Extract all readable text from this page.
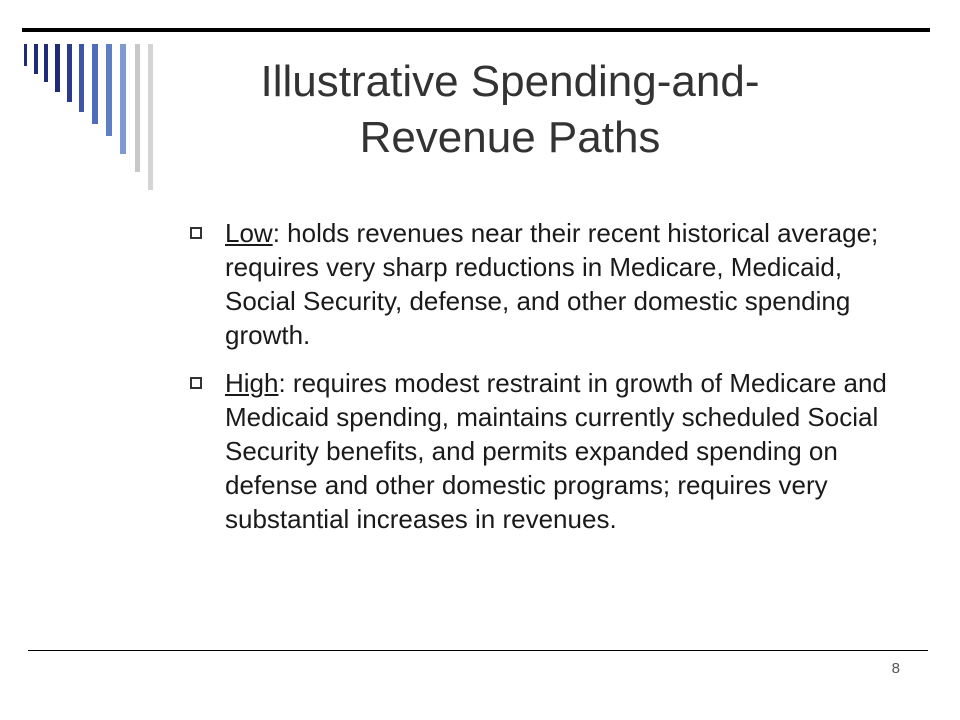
Illustrative Spending-and-
Revenue Paths
Low: holds revenues near their recent historical average; requires very sharp reductions in Medicare, Medicaid, Social Security, defense, and other domestic spending growth.
High: requires modest restraint in growth of Medicare and Medicaid spending, maintains currently scheduled Social Security benefits, and permits expanded spending on defense and other domestic programs; requires very substantial increases in revenues.
8
